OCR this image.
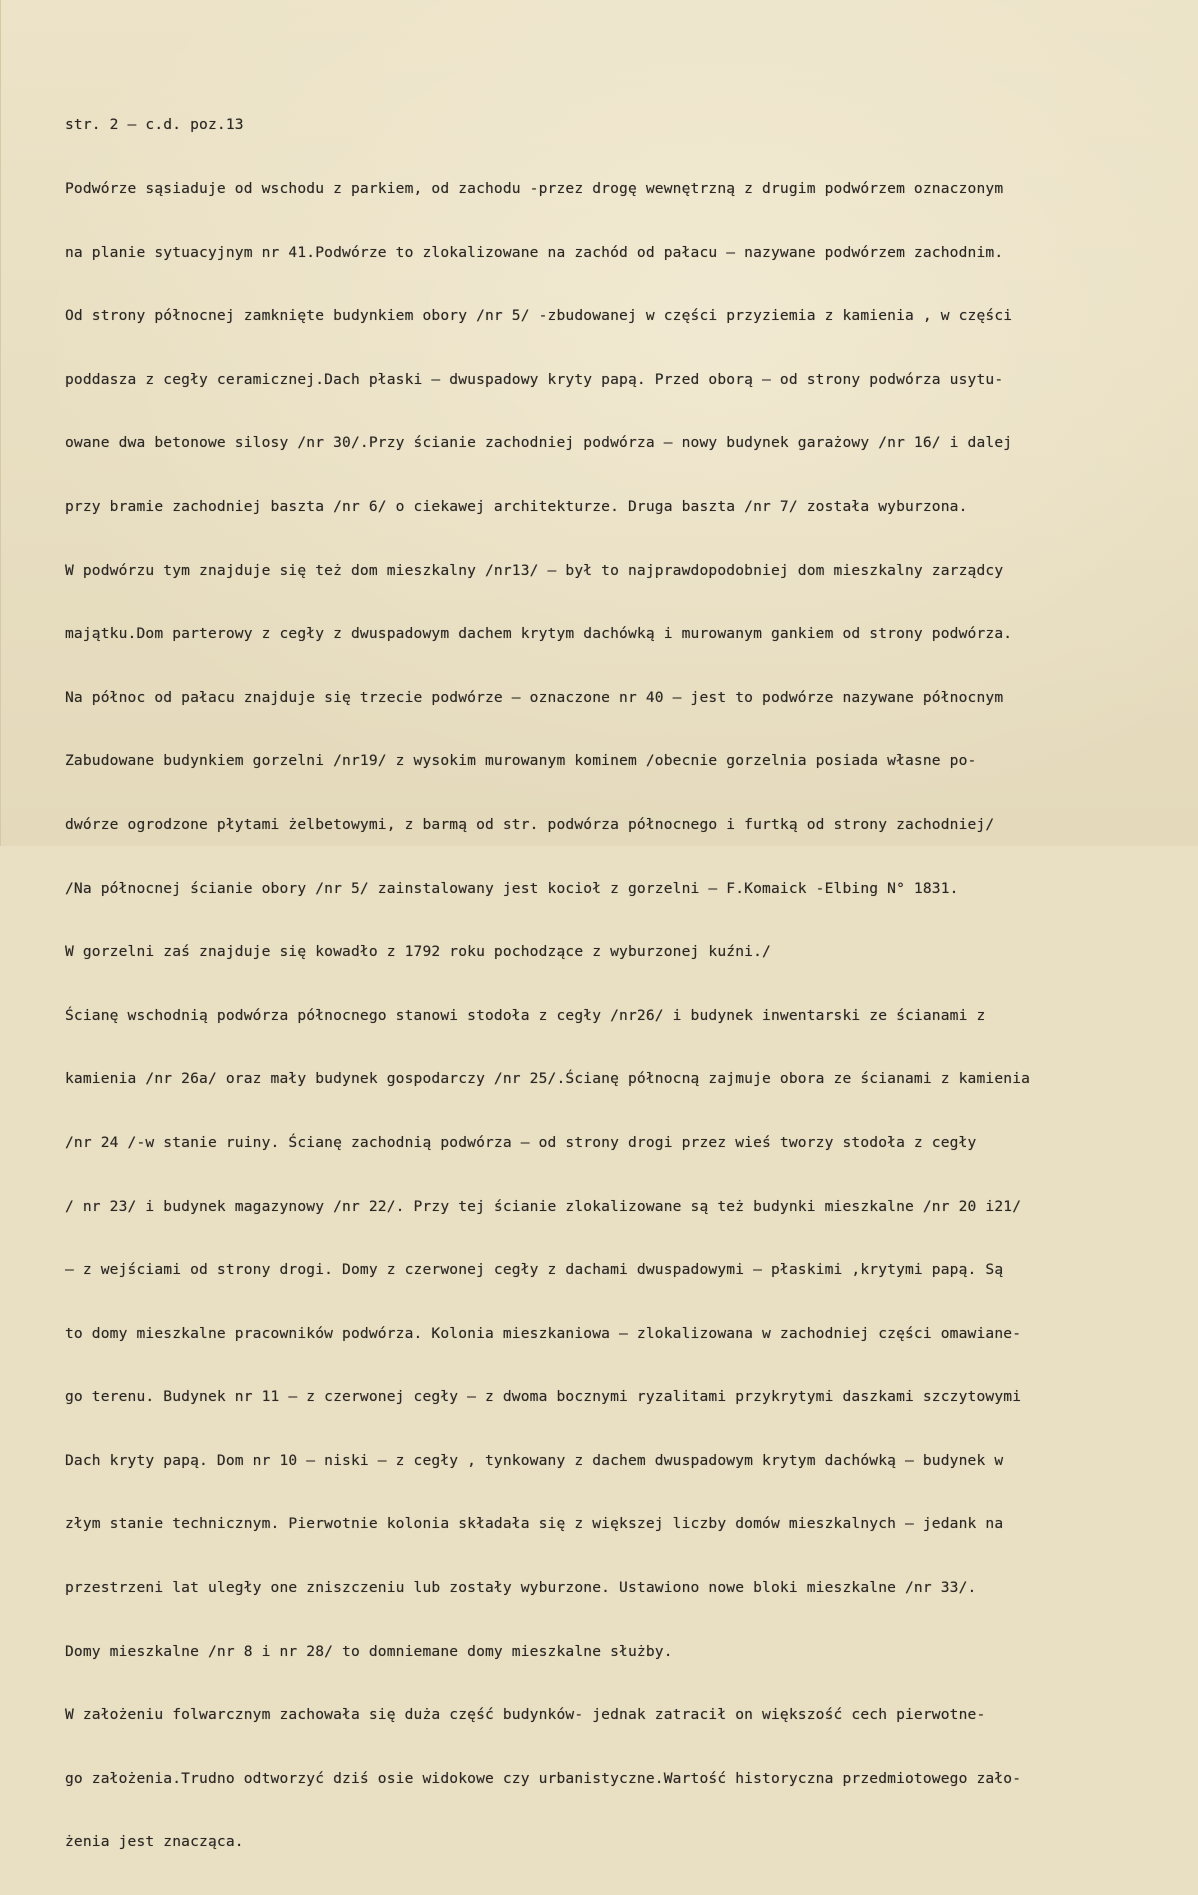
str. 2 – c.d. poz.13

Podwórze sąsiaduje od wschodu z parkiem, od zachodu -przez drogę wewnętrzną z drugim podwórzem oznaczonym

na planie sytuacyjnym nr 41.Podwórze to zlokalizowane na zachód od pałacu – nazywane podwórzem zachodnim.

Od strony północnej zamknięte budynkiem obory /nr 5/ -zbudowanej w części przyziemia z kamienia , w części

poddasza z cegły ceramicznej.Dach płaski – dwuspadowy kryty papą. Przed oborą – od strony podwórza usytu-

owane dwa betonowe silosy /nr 30/.Przy ścianie zachodniej podwórza – nowy budynek garażowy /nr 16/ i dalej

przy bramie zachodniej baszta /nr 6/ o ciekawej architekturze. Druga baszta /nr 7/ została wyburzona.

W podwórzu tym znajduje się też dom mieszkalny /nr13/ – był to najprawdopodobniej dom mieszkalny zarządcy

majątku.Dom parterowy z cegły z dwuspadowym dachem krytym dachówką i murowanym gankiem od strony podwórza.

Na północ od pałacu znajduje się trzecie podwórze – oznaczone nr 40 – jest to podwórze nazywane północnym

Zabudowane budynkiem gorzelni /nr19/ z wysokim murowanym kominem /obecnie gorzelnia posiada własne po-

dwórze ogrodzone płytami żelbetowymi, z barmą od str. podwórza północnego i furtką od strony zachodniej/

/Na północnej ścianie obory /nr 5/ zainstalowany jest kocioł z gorzelni – F.Komaick -Elbing N° 1831.

W gorzelni zaś znajduje się kowadło z 1792 roku pochodzące z wyburzonej kuźni./

Ścianę wschodnią podwórza północnego stanowi stodoła z cegły /nr26/ i budynek inwentarski ze ścianami z

kamienia /nr 26a/ oraz mały budynek gospodarczy /nr 25/.Ścianę północną zajmuje obora ze ścianami z kamienia

/nr 24 /-w stanie ruiny. Ścianę zachodnią podwórza – od strony drogi przez wieś tworzy stodoła z cegły

/ nr 23/ i budynek magazynowy /nr 22/. Przy tej ścianie zlokalizowane są też budynki mieszkalne /nr 20 i21/

– z wejściami od strony drogi. Domy z czerwonej cegły z dachami dwuspadowymi – płaskimi ,krytymi papą. Są

to domy mieszkalne pracowników podwórza. Kolonia mieszkaniowa – zlokalizowana w zachodniej części omawiane-

go terenu. Budynek nr 11 – z czerwonej cegły – z dwoma bocznymi ryzalitami przykrytymi daszkami szczytowymi

Dach kryty papą. Dom nr 10 – niski – z cegły , tynkowany z dachem dwuspadowym krytym dachówką – budynek w

złym stanie technicznym. Pierwotnie kolonia składała się z większej liczby domów mieszkalnych – jedank na

przestrzeni lat uległy one zniszczeniu lub zostały wyburzone. Ustawiono nowe bloki mieszkalne /nr 33/.

Domy mieszkalne /nr 8 i nr 28/ to domniemane domy mieszkalne służby.

W założeniu folwarcznym zachowała się duża część budynków- jednak zatracił on większość cech pierwotne-

go założenia.Trudno odtworzyć dziś osie widokowe czy urbanistyczne.Wartość historyczna przedmiotowego zało-

żenia jest znacząca.
